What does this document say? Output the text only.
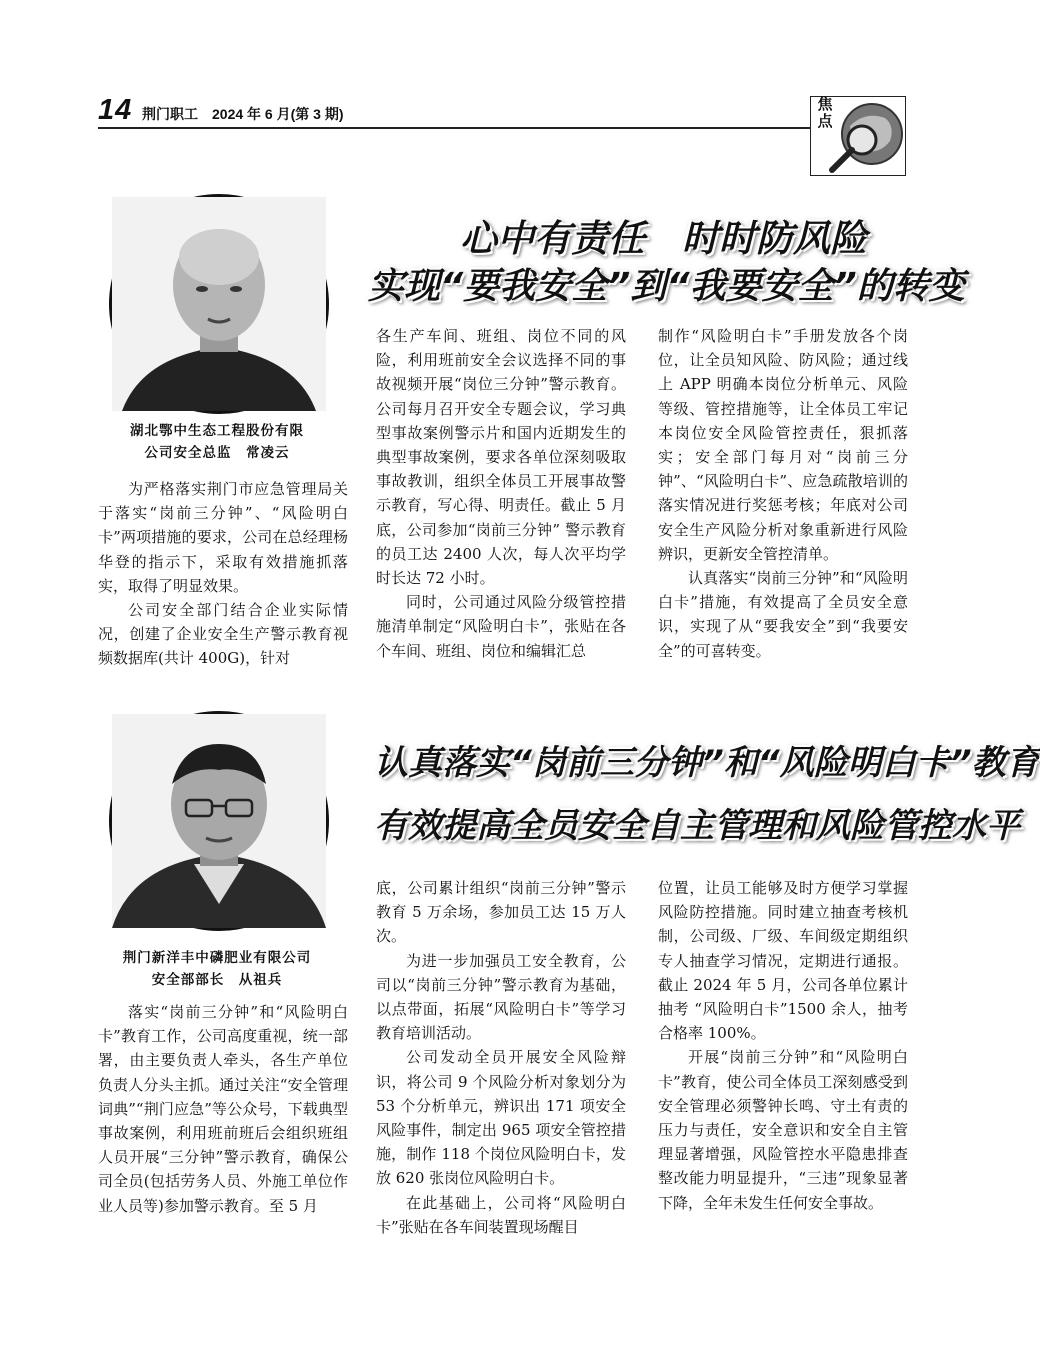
14 荆门职工　2024 年 6 月(第 3 期)
焦点
湖北鄂中生态工程股份有限
公司安全总监　常凌云
心中有责任　时时防风险
实现“要我安全”到“我要安全”的转变

为严格落实荆门市应急管理局关于落实“岗前三分钟”、“风险明白卡”两项措施的要求，公司在总经理杨华登的指示下，采取有效措施抓落实，取得了明显效果。

公司安全部门结合企业实际情况，创建了企业安全生产警示教育视频数据库(共计 400G)，针对

各生产车间、班组、岗位不同的风险，利用班前安全会议选择不同的事故视频开展“岗位三分钟”警示教育。公司每月召开安全专题会议，学习典型事故案例警示片和国内近期发生的典型事故案例，要求各单位深刻吸取事故教训，组织全体员工开展事故警示教育，写心得、明责任。截止 5 月底，公司参加“岗前三分钟” 警示教育的员工达 2400 人次，每人次平均学时长达 72 小时。

同时，公司通过风险分级管控措施清单制定“风险明白卡”，张贴在各个车间、班组、岗位和编辑汇总

制作“风险明白卡”手册发放各个岗位，让全员知风险、防风险；通过线上 APP 明确本岗位分析单元、风险等级、管控措施等，让全体员工牢记本岗位安全风险管控责任，狠抓落实；安全部门每月对“岗前三分钟”、“风险明白卡”、应急疏散培训的落实情况进行奖惩考核；年底对公司安全生产风险分析对象重新进行风险辨识，更新安全管控清单。

认真落实“岗前三分钟”和“风险明白卡”措施，有效提高了全员安全意识，实现了从“要我安全”到“我要安全”的可喜转变。

荆门新洋丰中磷肥业有限公司
安全部部长　从祖兵
认真落实“岗前三分钟”和“风险明白卡”教育
有效提高全员安全自主管理和风险管控水平

落实“岗前三分钟”和“风险明白卡”教育工作，公司高度重视，统一部署，由主要负责人牵头，各生产单位负责人分头主抓。通过关注“安全管理词典”“荆门应急”等公众号，下载典型事故案例，利用班前班后会组织班组人员开展“三分钟”警示教育，确保公司全员(包括劳务人员、外施工单位作业人员等)参加警示教育。至 5 月

底，公司累计组织“岗前三分钟”警示教育 5 万余场，参加员工达 15 万人次。

为进一步加强员工安全教育，公司以“岗前三分钟”警示教育为基础，以点带面，拓展“风险明白卡”等学习教育培训活动。

公司发动全员开展安全风险辩识，将公司 9 个风险分析对象划分为 53 个分析单元，辨识出 171 项安全风险事件，制定出 965 项安全管控措施，制作 118 个岗位风险明白卡，发放 620 张岗位风险明白卡。

在此基础上，公司将“风险明白卡”张贴在各车间装置现场醒目

位置，让员工能够及时方便学习掌握风险防控措施。同时建立抽查考核机制，公司级、厂级、车间级定期组织专人抽查学习情况，定期进行通报。截止 2024 年 5 月，公司各单位累计抽考 “风险明白卡”1500 余人，抽考合格率 100%。

开展“岗前三分钟”和“风险明白卡”教育，使公司全体员工深刻感受到安全管理必须警钟长鸣、守土有责的压力与责任，安全意识和安全自主管理显著增强，风险管控水平隐患排查整改能力明显提升，“三违”现象显著下降，全年未发生任何安全事故。
